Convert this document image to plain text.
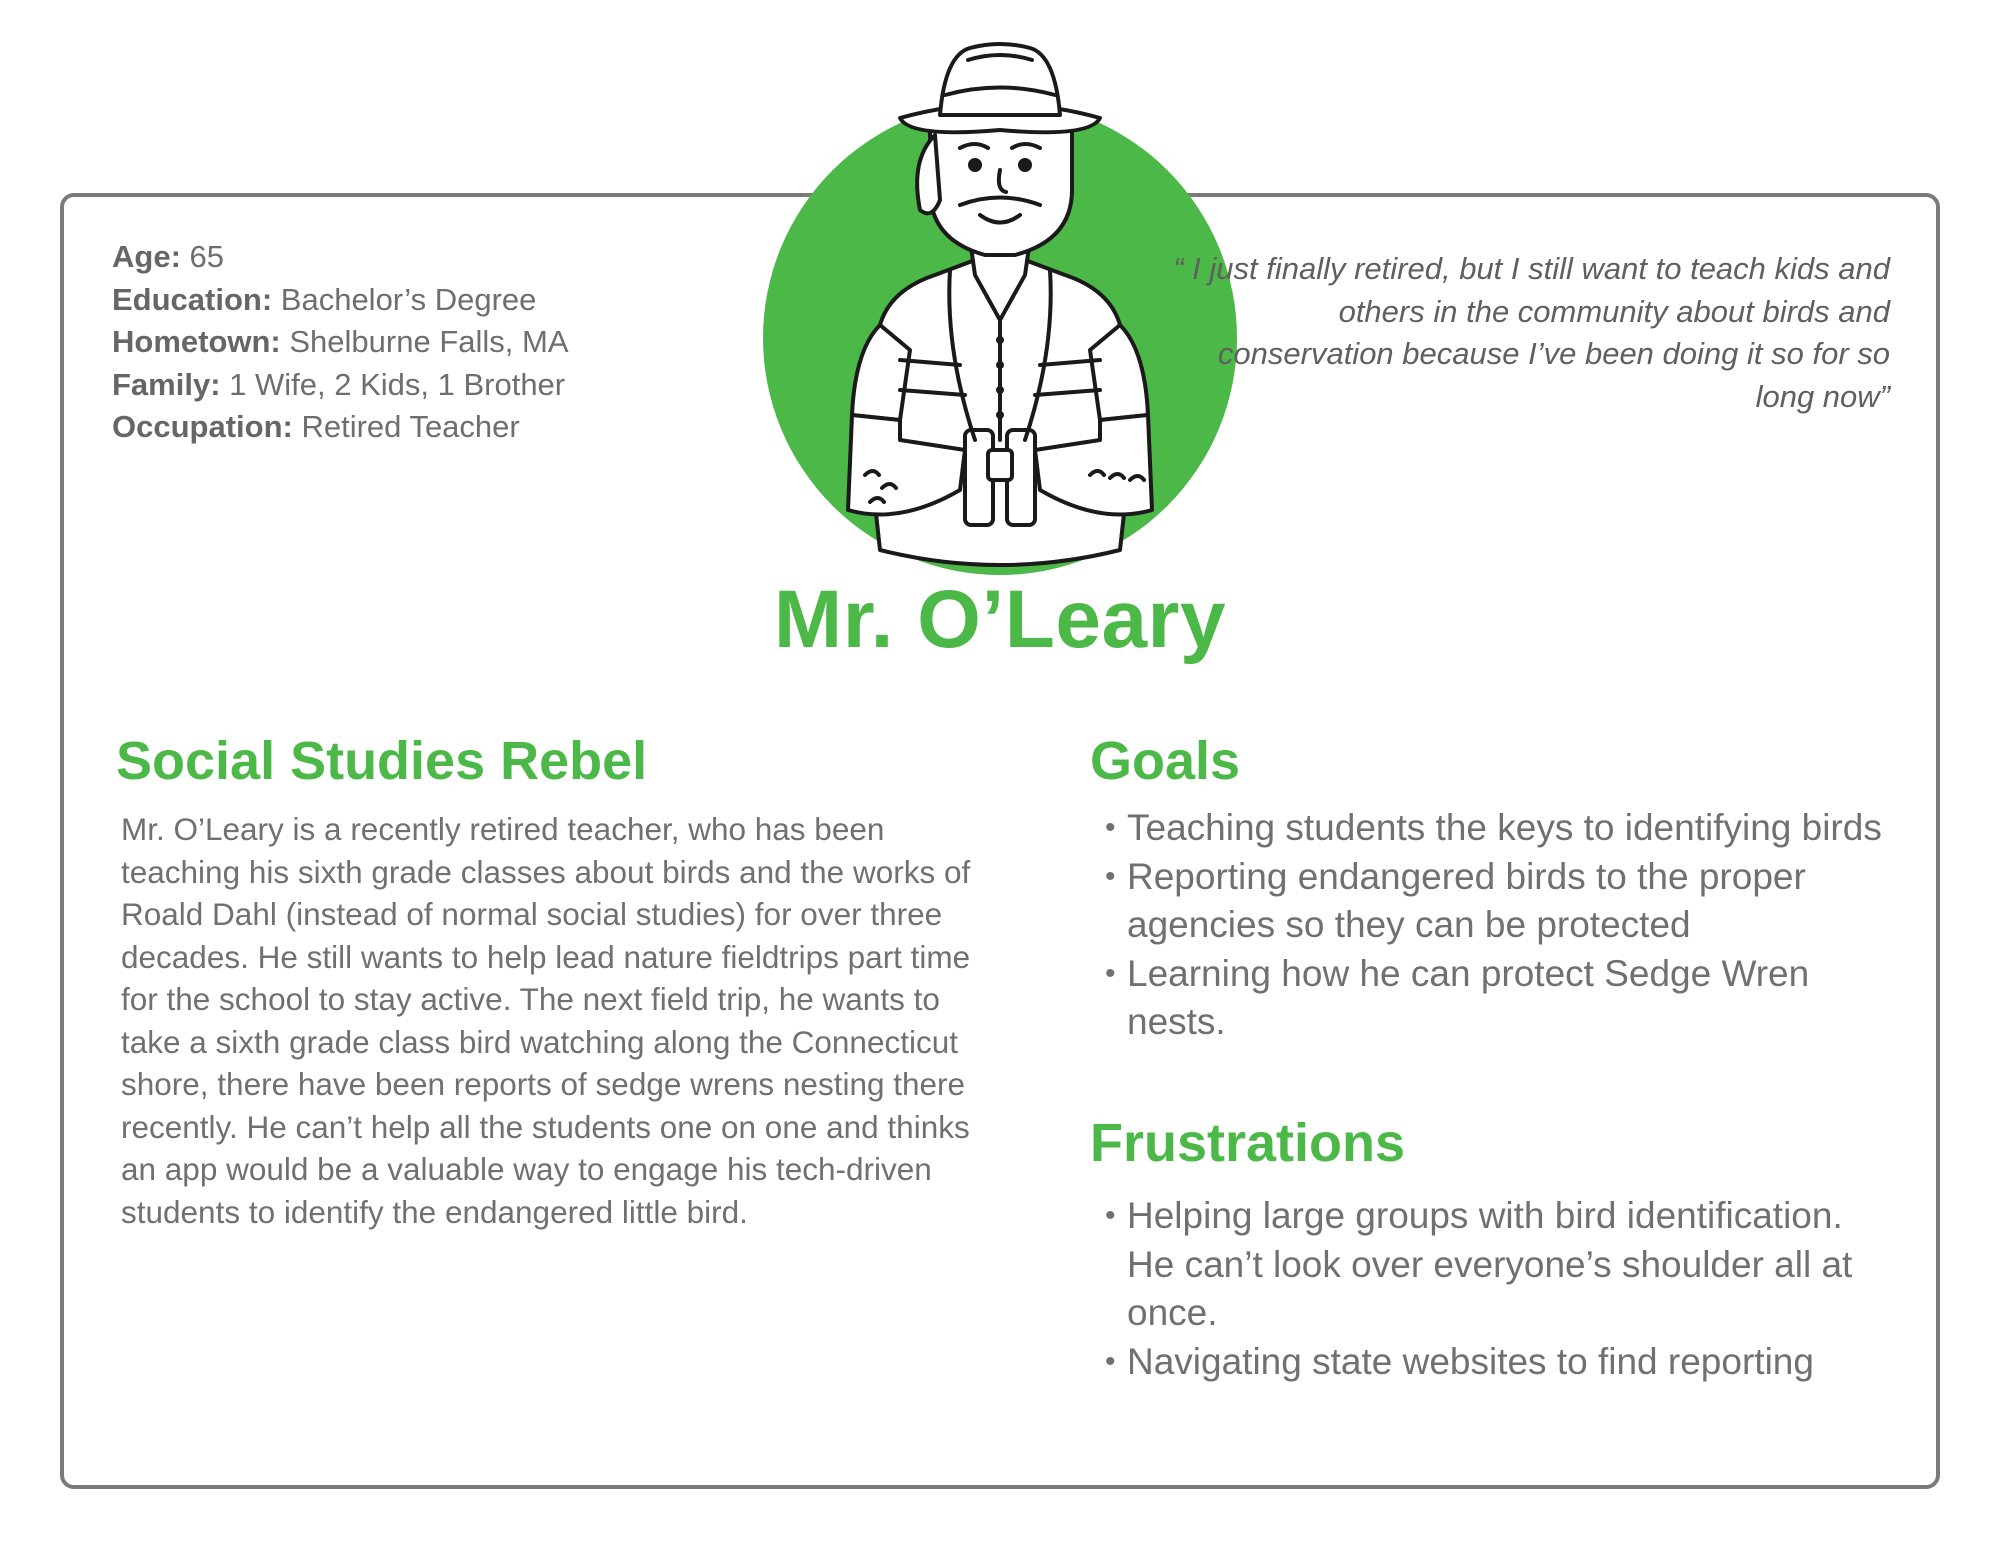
Age: 65
Education: Bachelor’s Degree
Hometown: Shelburne Falls, MA
Family: 1 Wife, 2 Kids, 1 Brother
Occupation: Retired Teacher
“ I just finally retired, but I still want to teach kids and others in the community about birds and conservation because I’ve been doing it so for so long now”
Mr. O’Leary
Social Studies Rebel
Mr. O’Leary is a recently retired teacher, who has been teaching his sixth grade classes about birds and the works of Roald Dahl (instead of normal social studies) for over three decades. He still wants to help lead nature fieldtrips part time for the school to stay active. The next field trip, he wants to take a sixth grade class bird watching along the Connecticut shore, there have been reports of sedge wrens nesting there recently. He can’t help all the students one on one and thinks an app would be a valuable way to engage his tech-driven students to identify the endangered little bird.
Goals
• Teaching students the keys to identifying birds
• Reporting endangered birds to the proper agencies so they can be protected
• Learning how he can protect Sedge Wren nests.
Frustrations
• Helping large groups with bird identification. He can’t look over everyone’s shoulder all at once.
• Navigating state websites to find reporting
